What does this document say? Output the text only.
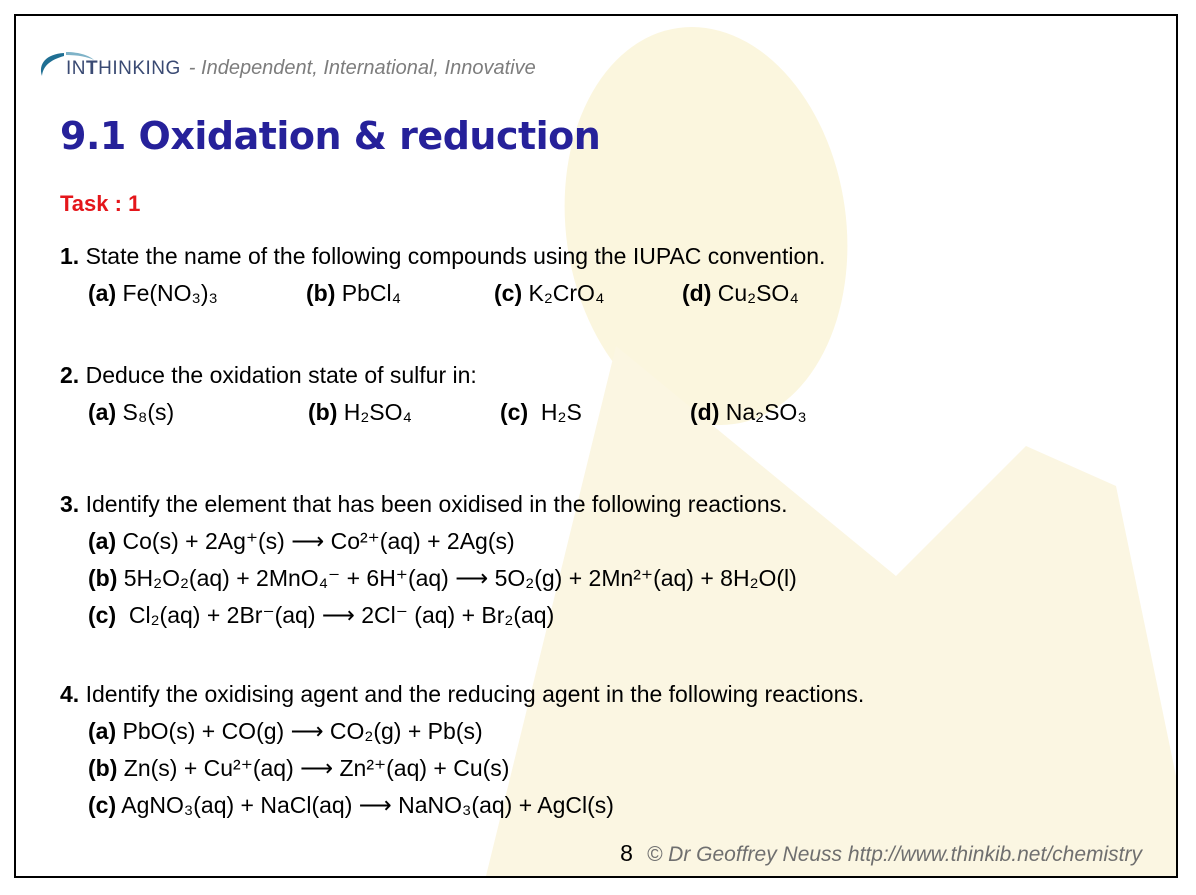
INTHINKING - Independent, International, Innovative
9.1 Oxidation & reduction
Task : 1
1. State the name of the following compounds using the IUPAC convention.
(a) Fe(NO₃)₃	(b) PbCl₄	(c) K₂CrO₄	(d) Cu₂SO₄
2. Deduce the oxidation state of sulfur in:
(a) S₈(s)	(b) H₂SO₄	(c) H₂S	(d) Na₂SO₃
3. Identify the element that has been oxidised in the following reactions.
(a) Co(s) + 2Ag⁺(s) ⟶ Co²⁺(aq) + 2Ag(s)
(b) 5H₂O₂(aq) + 2MnO₄⁻ + 6H⁺(aq) ⟶ 5O₂(g) + 2Mn²⁺(aq) + 8H₂O(l)
(c) Cl₂(aq) + 2Br⁻(aq) ⟶ 2Cl⁻ (aq) + Br₂(aq)
4. Identify the oxidising agent and the reducing agent in the following reactions.
(a) PbO(s) + CO(g) ⟶ CO₂(g) + Pb(s)
(b) Zn(s) + Cu²⁺(aq) ⟶ Zn²⁺(aq) + Cu(s)
(c) AgNO₃(aq) + NaCl(aq) ⟶ NaNO₃(aq) + AgCl(s)
8 © Dr Geoffrey Neuss http://www.thinkib.net/chemistry
